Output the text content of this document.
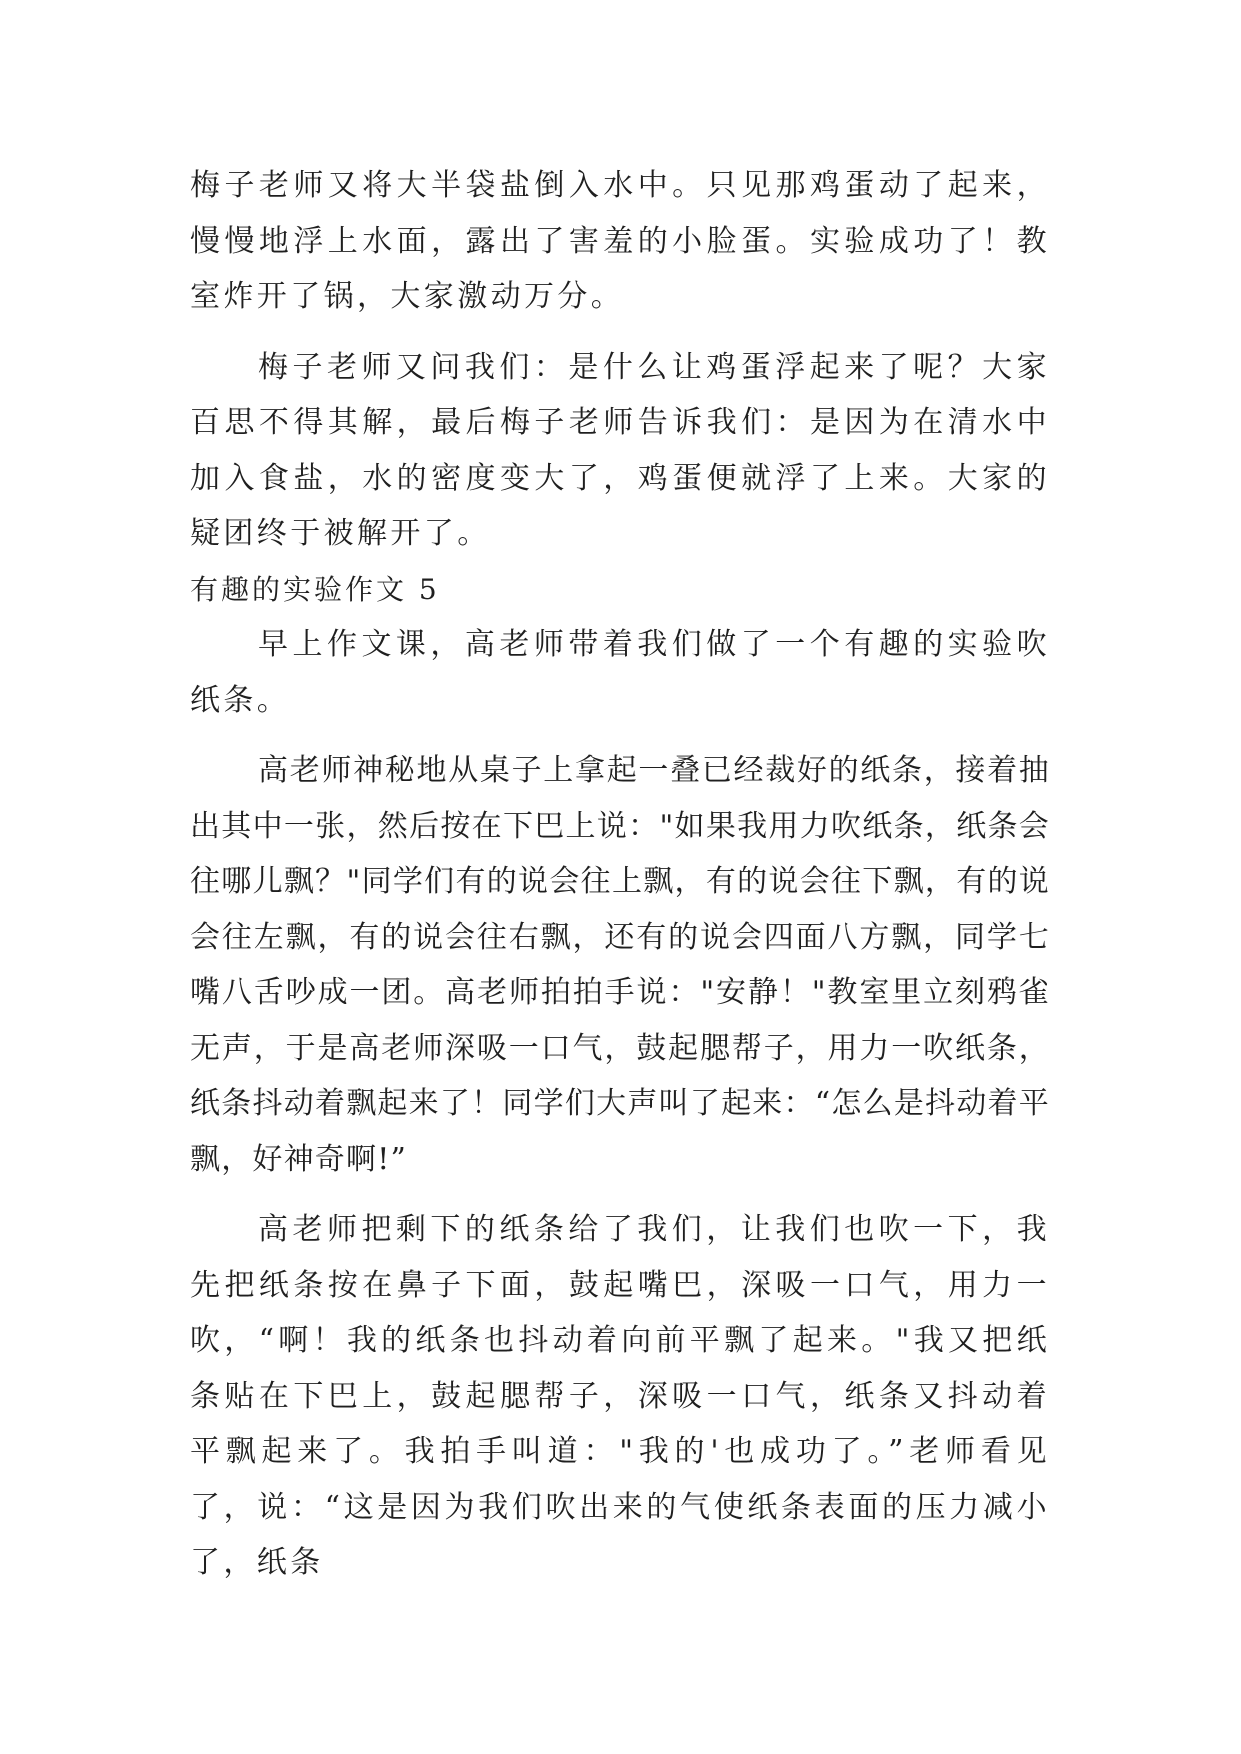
梅子老师又将大半袋盐倒入水中。只见那鸡蛋动了起来，慢慢地浮上水面，露出了害羞的小脸蛋。实验成功了！教室炸开了锅，大家激动万分。

梅子老师又问我们：是什么让鸡蛋浮起来了呢？大家百思不得其解，最后梅子老师告诉我们：是因为在清水中加入食盐，水的密度变大了，鸡蛋便就浮了上来。大家的疑团终于被解开了。

有趣的实验作文 5

早上作文课，高老师带着我们做了一个有趣的实验吹纸条。

高老师神秘地从桌子上拿起一叠已经裁好的纸条，接着抽出其中一张，然后按在下巴上说："如果我用力吹纸条，纸条会往哪儿飘？"同学们有的说会往上飘，有的说会往下飘，有的说会往左飘，有的说会往右飘，还有的说会四面八方飘，同学七嘴八舌吵成一团。高老师拍拍手说："安静！"教室里立刻鸦雀无声，于是高老师深吸一口气，鼓起腮帮子，用力一吹纸条，纸条抖动着飘起来了！同学们大声叫了起来：“怎么是抖动着平飘，好神奇啊!”

高老师把剩下的纸条给了我们，让我们也吹一下，我先把纸条按在鼻子下面，鼓起嘴巴，深吸一口气，用力一吹，“啊！我的纸条也抖动着向前平飘了起来。"我又把纸条贴在下巴上，鼓起腮帮子，深吸一口气，纸条又抖动着平飘起来了。我拍手叫道："我的'也成功了。”老师看见了，说：“这是因为我们吹出来的气使纸条表面的压力减小了，纸条
